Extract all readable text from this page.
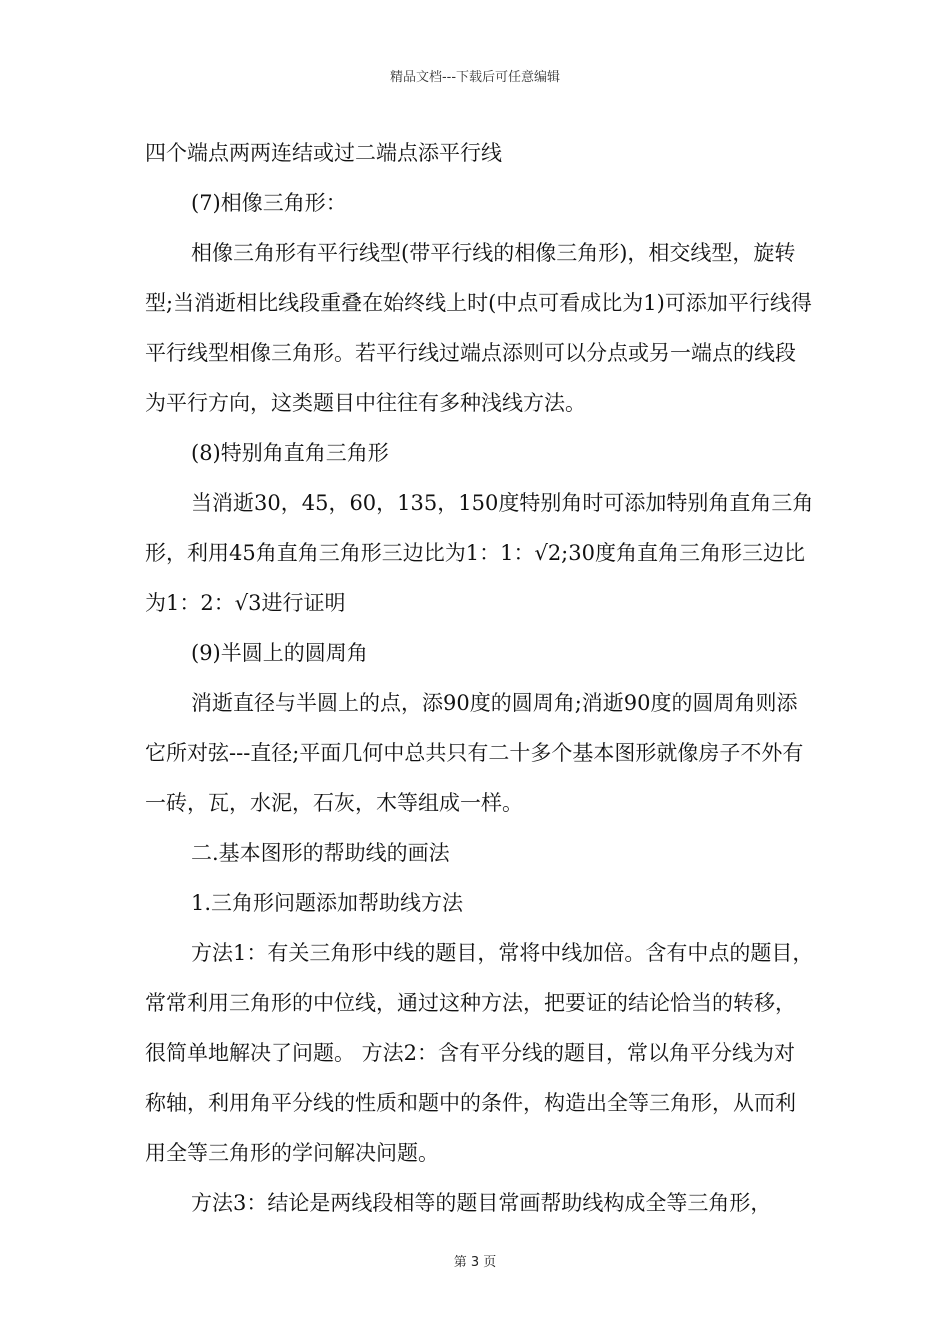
精品文档---下载后可任意编辑

四个端点两两连结或过二端点添平行线

(7)相像三角形：

相像三角形有平行线型(带平行线的相像三角形)，相交线型，旋转型;当消逝相比线段重叠在始终线上时(中点可看成比为1)可添加平行线得平行线型相像三角形。若平行线过端点添则可以分点或另一端点的线段为平行方向，这类题目中往往有多种浅线方法。

(8)特别角直角三角形

当消逝30，45，60，135，150度特别角时可添加特别角直角三角形，利用45角直角三角形三边比为1：1：√2;30度角直角三角形三边比为1：2：√3进行证明

(9)半圆上的圆周角

消逝直径与半圆上的点，添90度的圆周角;消逝90度的圆周角则添它所对弦---直径;平面几何中总共只有二十多个基本图形就像房子不外有一砖，瓦，水泥，石灰，木等组成一样。

二.基本图形的帮助线的画法

1.三角形问题添加帮助线方法

方法1：有关三角形中线的题目，常将中线加倍。含有中点的题目，常常利用三角形的中位线，通过这种方法，把要证的结论恰当的转移，很简单地解决了问题。 方法2：含有平分线的题目，常以角平分线为对称轴，利用角平分线的性质和题中的条件，构造出全等三角形，从而利用全等三角形的学问解决问题。

方法3：结论是两线段相等的题目常画帮助线构成全等三角形，

第 3 页
